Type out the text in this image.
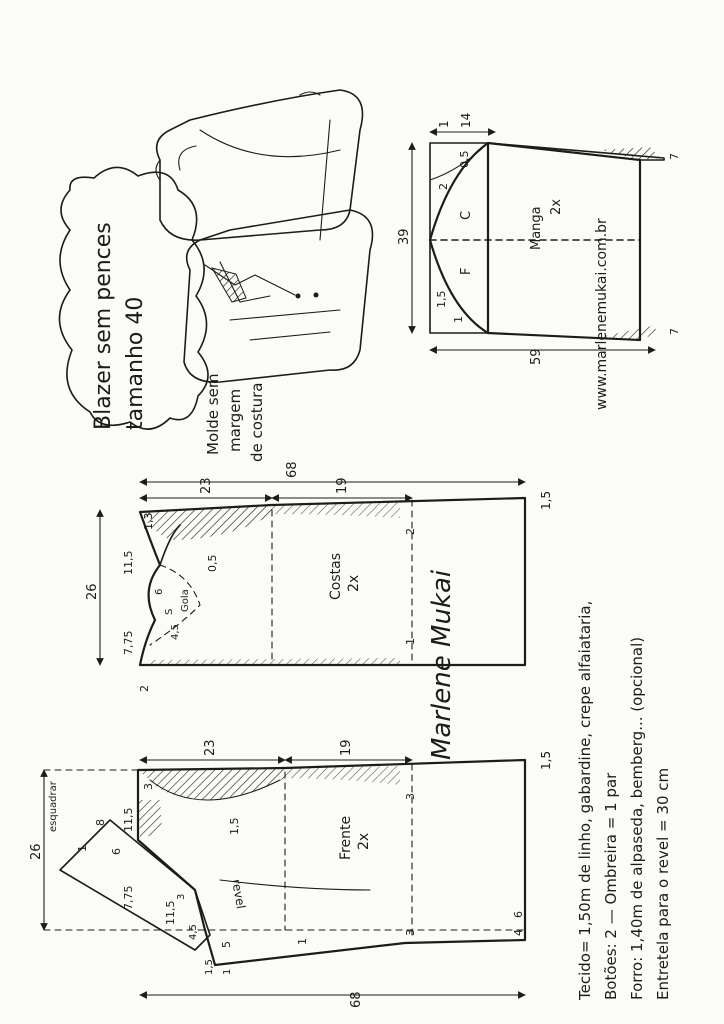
Blazer sem pences tamanho 40	Molde sem margem de costura
Manga 2x
C
F
39
59
1 14
2
0,5
1,5
1
7
7
www.marlenemukai.com.br
Costas 2x
68
23	19
1,5
26
1,3
11,5
7,75
2
0,5
2
1
6
4,5
Gola
S	Marlene Mukai
Frente 2x
revel
23	19
1,5
68
26
esquadrar	3
11,5
7,75
6
1
8
3
1,5
3	4
6
11,5
4,5
3
5	1
1,5 1	Tecido= 1,50m de linho, gabardine, crepe alfaiataria, Botões: 2 — Ombreira = 1 par Forro: 1,40m de alpaseda, bemberg... (opcional) Entretela para o revel = 30 cm
